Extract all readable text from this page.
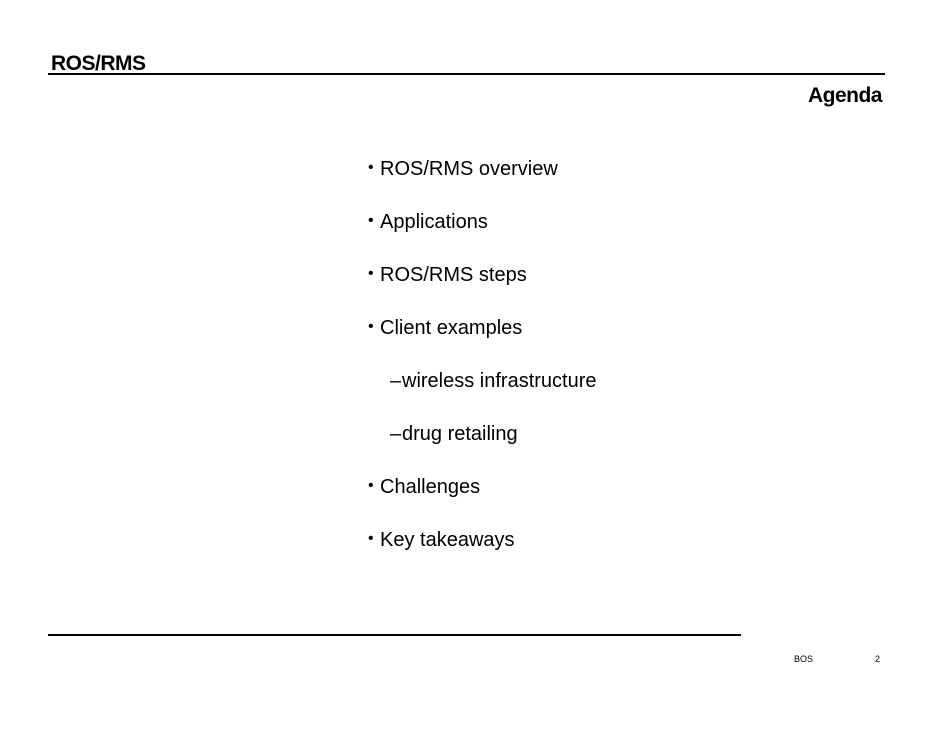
ROS/RMS
Agenda
• ROS/RMS overview
• Applications
• ROS/RMS steps
• Client examples
–wireless infrastructure
–drug retailing
• Challenges
• Key takeaways
BOS	2
